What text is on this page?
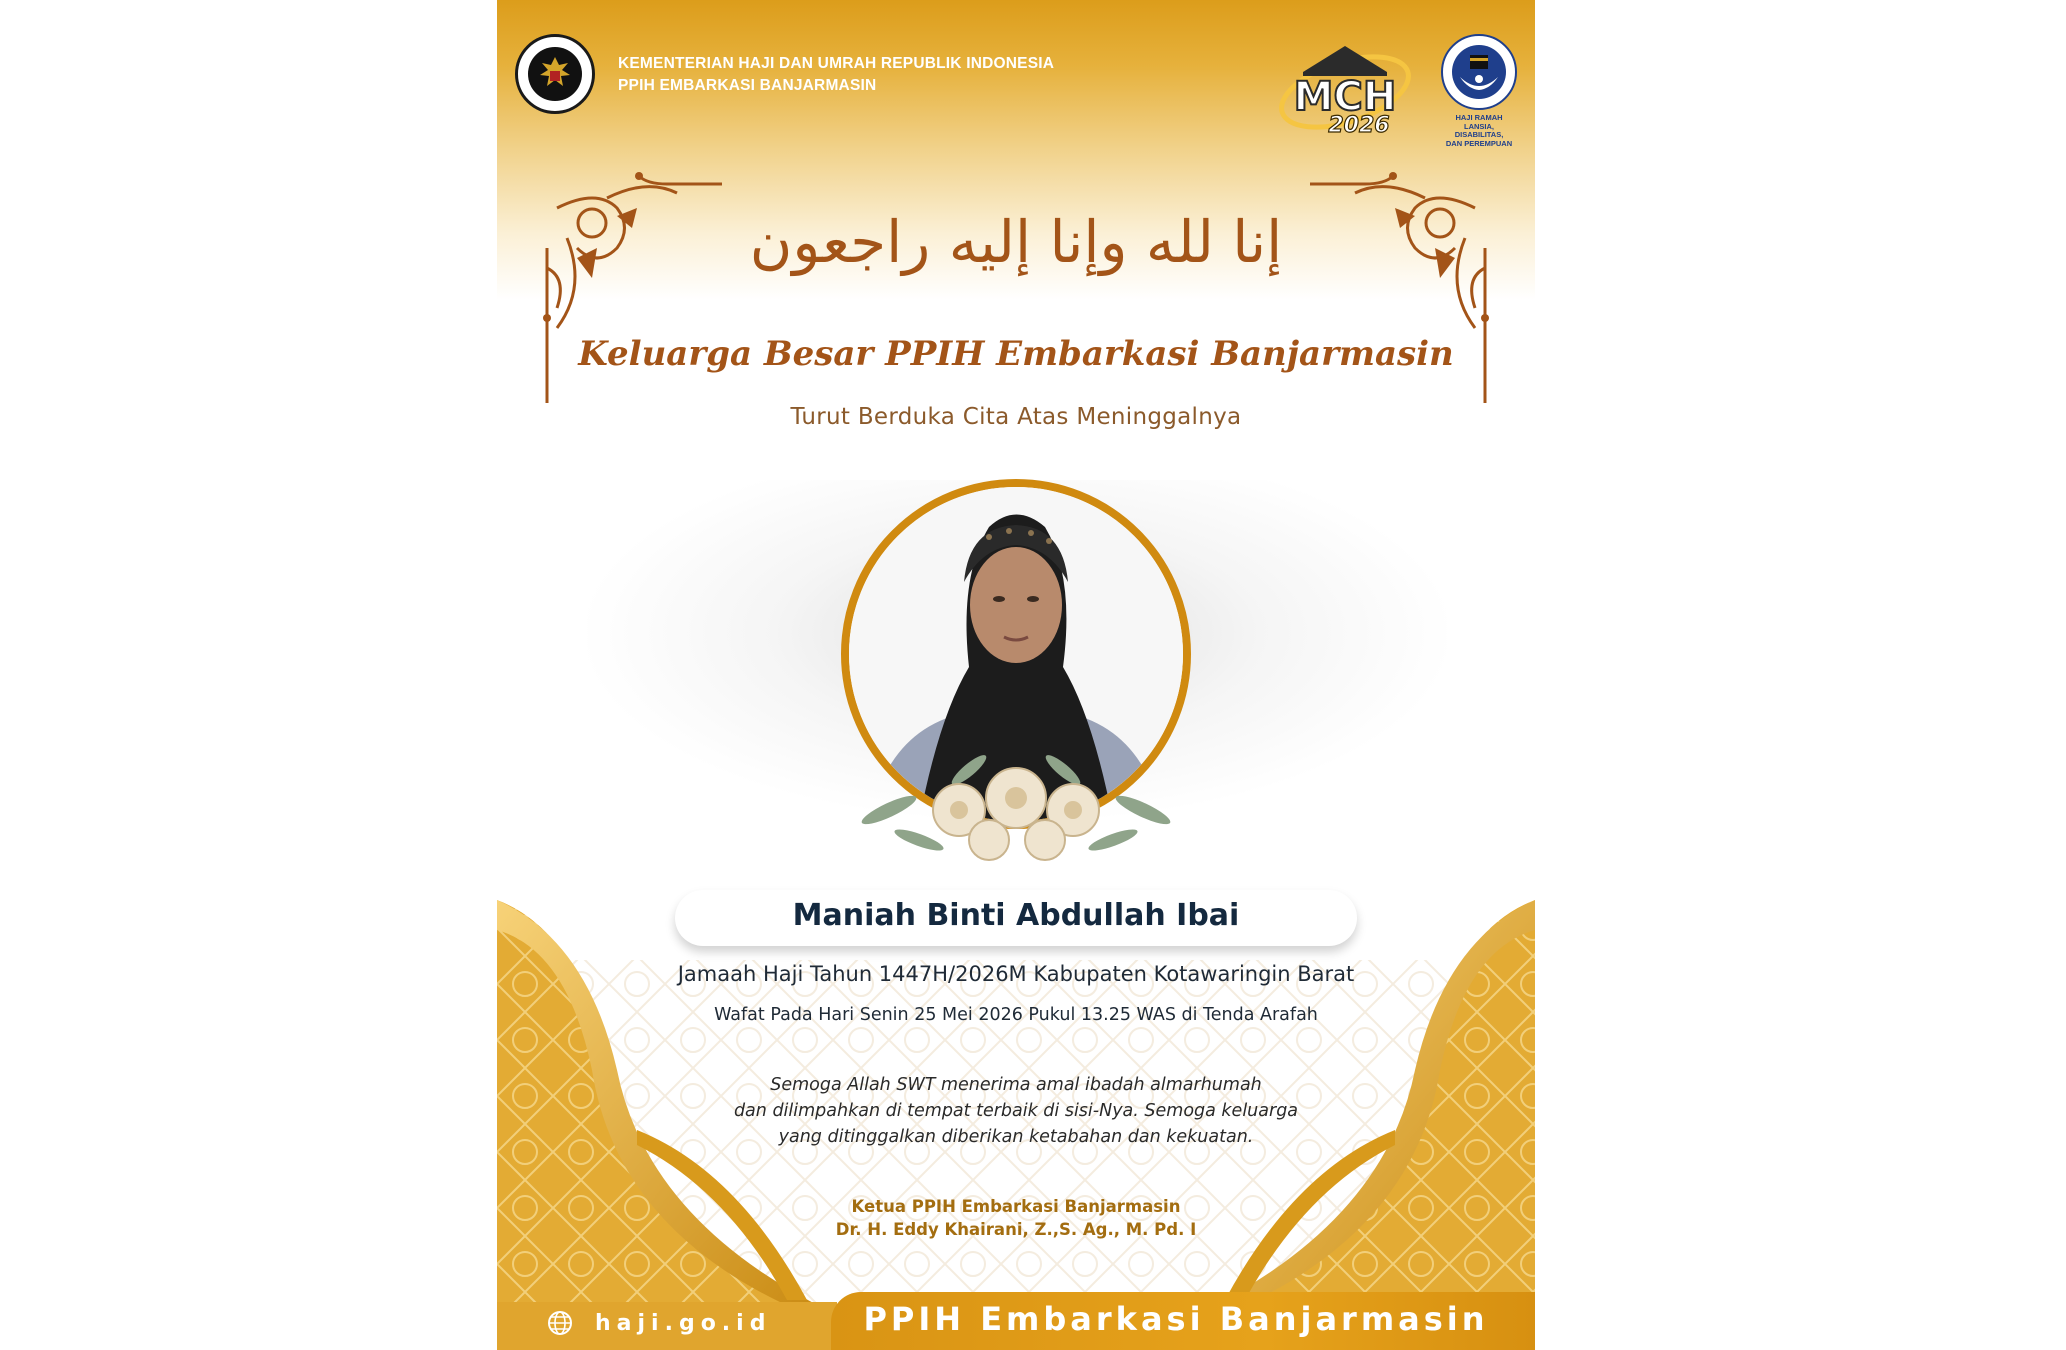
KEMENTERIAN HAJI DAN UMRAH REPUBLIK INDONESIA
PPIH EMBARKASI BANJARMASIN	MCH
2026	HAJI RAMAH
LANSIA, DISABILITAS,
DAN PEREMPUAN
إنا لله وإنا إليه راجعون
Keluarga Besar PPIH Embarkasi Banjarmasin
Turut Berduka Cita Atas Meninggalnya
Maniah Binti Abdullah Ibai
Jamaah Haji Tahun 1447H/2026M Kabupaten Kotawaringin Barat
Wafat Pada Hari Senin 25 Mei 2026 Pukul 13.25 WAS di Tenda Arafah
Semoga Allah SWT menerima amal ibadah almarhumah
dan dilimpahkan di tempat terbaik di sisi-Nya. Semoga keluarga
yang ditinggalkan diberikan ketabahan dan kekuatan.
Ketua PPIH Embarkasi Banjarmasin
Dr. H. Eddy Khairani, Z.,S. Ag., M. Pd. I
haji.go.id	PPIH Embarkasi Banjarmasin
